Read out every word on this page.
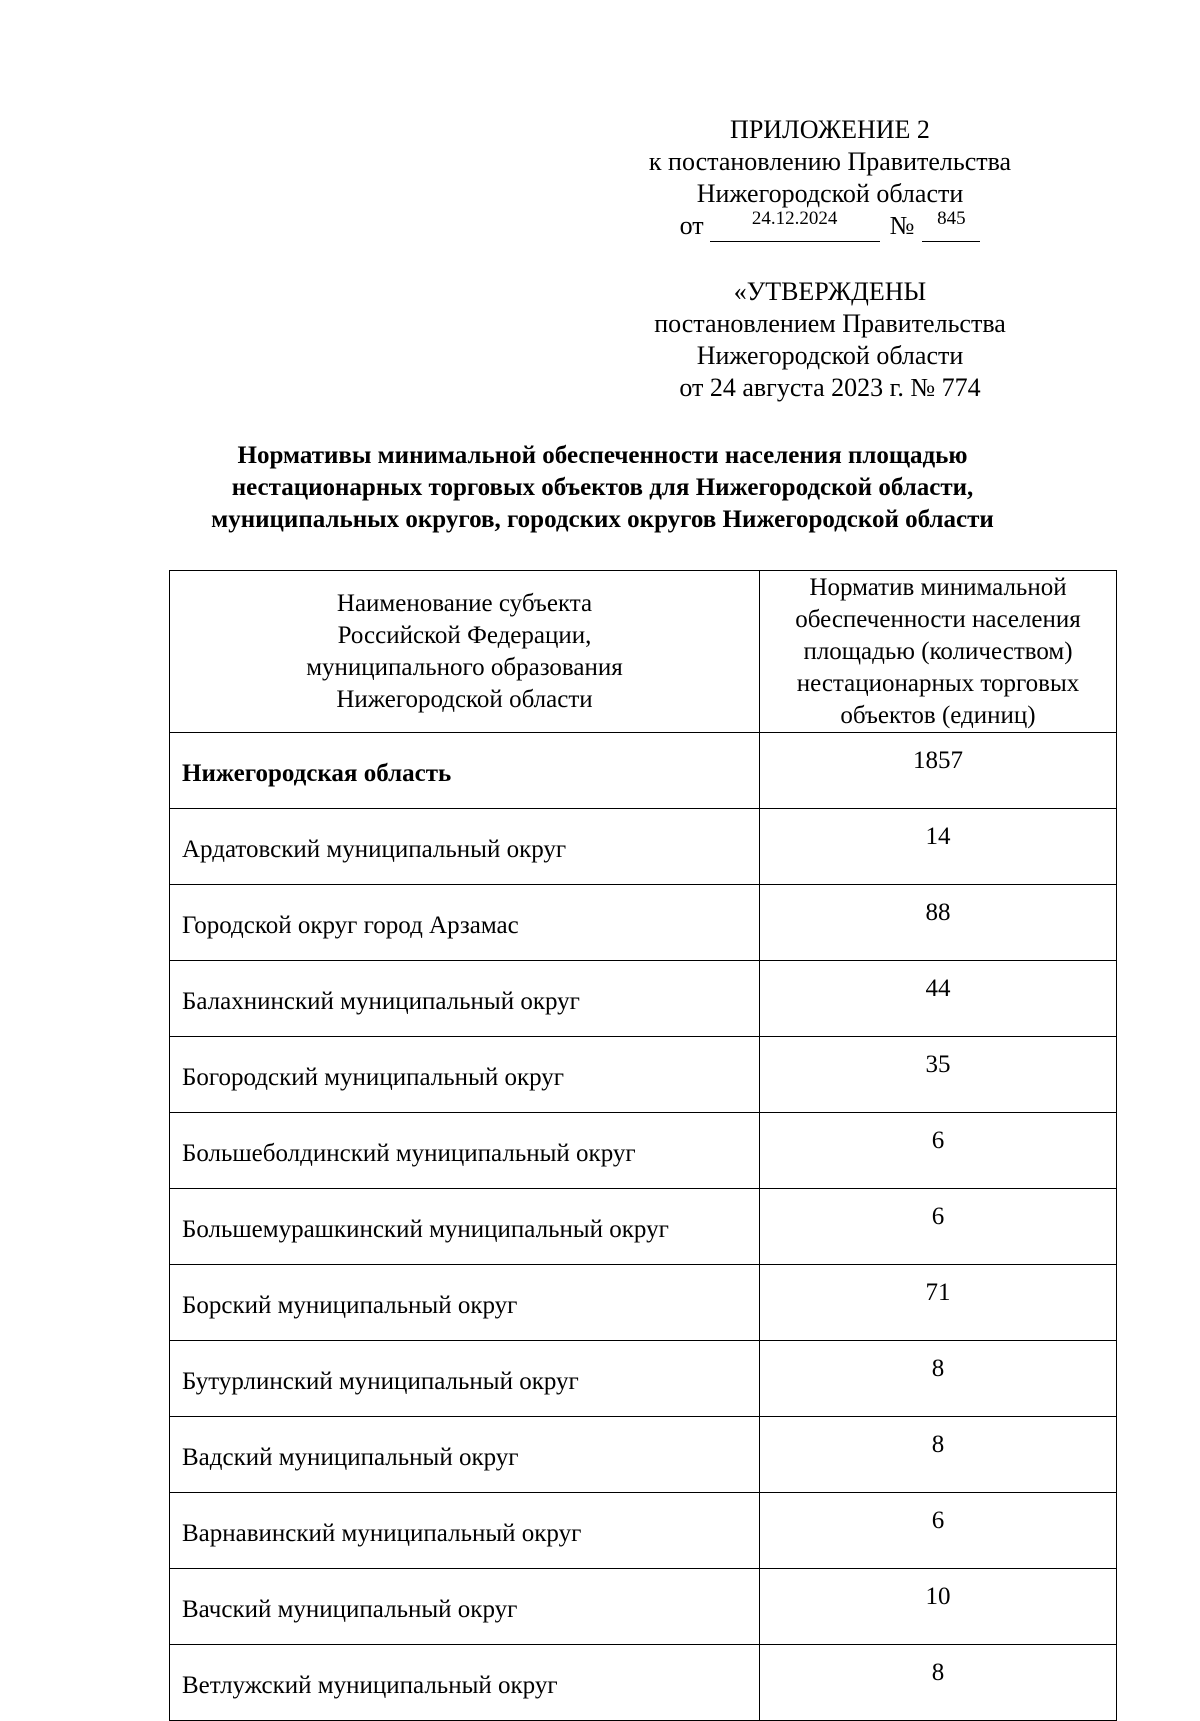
ПРИЛОЖЕНИЕ 2
к постановлению Правительства
Нижегородской области
от	24.12.2024	№	845
«УТВЕРЖДЕНЫ
постановлением Правительства
Нижегородской области
от 24 августа 2023 г. № 774
Нормативы минимальной обеспеченности населения площадью
нестационарных торговых объектов для Нижегородской области,
муниципальных округов, городских округов Нижегородской области
Наименование субъекта
Российской Федерации,
муниципального образования
Нижегородской области	Норматив минимальной
обеспеченности населения
площадью (количеством)
нестационарных торговых
объектов (единиц)

Нижегородская область	1857
Ардатовский муниципальный округ	14
Городской округ город Арзамас	88
Балахнинский муниципальный округ	44
Богородский муниципальный округ	35
Большеболдинский муниципальный округ	6
Большемурашкинский муниципальный округ	6
Борский муниципальный округ	71
Бутурлинский муниципальный округ	8
Вадский муниципальный округ	8
Варнавинский муниципальный округ	6
Вачский муниципальный округ	10
Ветлужский муниципальный округ	8
